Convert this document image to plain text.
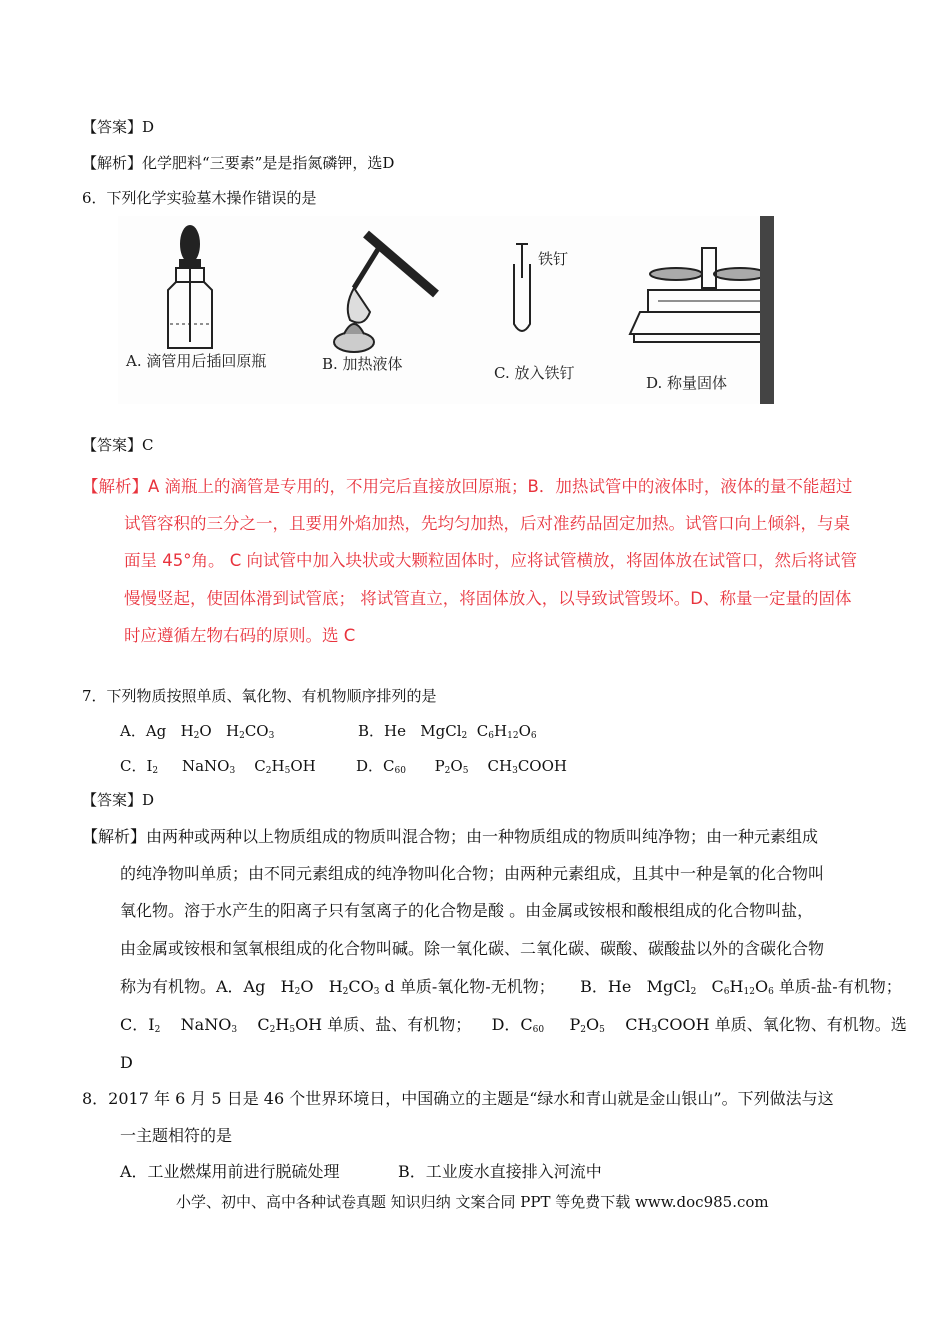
【答案】D
【解析】化学肥料“三要素”是是指氮磷钾，选D
6．下列化学实验墓木操作错误的是
铁钉
A. 滴管用后插回原瓶	B. 加热液体	C. 放入铁钉
D. 称量固体
【答案】C
【解析】A 滴瓶上的滴管是专用的，不用完后直接放回原瓶；B．加热试管中的液体时，液体的量不能超过
试管容积的三分之一，且要用外焰加热，先均匀加热，后对准药品固定加热。试管口向上倾斜，与桌
面呈 45°角。 C 向试管中加入块状或大颗粒固体时，应将试管横放，将固体放在试管口，然后将试管
慢慢竖起，使固体滑到试管底； 将试管直立，将固体放入，以导致试管毁坏。D、称量一定量的固体
时应遵循左物右码的原则。选 C
7．下列物质按照单质、氧化物、有机物顺序排列的是
A．Ag   $H_2O$   $H_2CO_3$	B．He   MgCl$_2$  $C_6H_{12}O_6$
C．$I_2$     NaNO$_3$    $C_2H_5OH$	D．$C_{60}$      $P_2O_5$    $CH_3COOH$
【答案】D
【解析】由两种或两种以上物质组成的物质叫混合物；由一种物质组成的物质叫纯净物；由一种元素组成
的纯净物叫单质；由不同元素组成的纯净物叫化合物；由两种元素组成，且其中一种是氧的化合物叫
氧化物。溶于水产生的阳离子只有氢离子的化合物是酸 。由金属或铵根和酸根组成的化合物叫盐，
由金属或铵根和氢氧根组成的化合物叫碱。除一氧化碳、二氧化碳、碳酸、碳酸盐以外的含碳化合物
称为有机物。A．Ag   $H_2O$   $H_2CO_3$ d 单质-氧化物-无机物；     B．He   MgCl$_2$   $C_6H_{12}O_6$ 单质-盐-有机物；
C．$I_2$    NaNO$_3$    $C_2H_5OH$ 单质、盐、有机物；    D．$C_{60}$     $P_2O_5$    $CH_3COOH$ 单质、氧化物、有机物。选
D
8．2017 年 6 月 5 日是 46 个世界环境日，中国确立的主题是“绿水和青山就是金山银山”。下列做法与这
一主题相符的是
A．工业燃煤用前进行脱硫处理	B．工业废水直接排入河流中
小学、初中、高中各种试卷真题 知识归纳 文案合同 PPT 等免费下载 www.doc985.com
